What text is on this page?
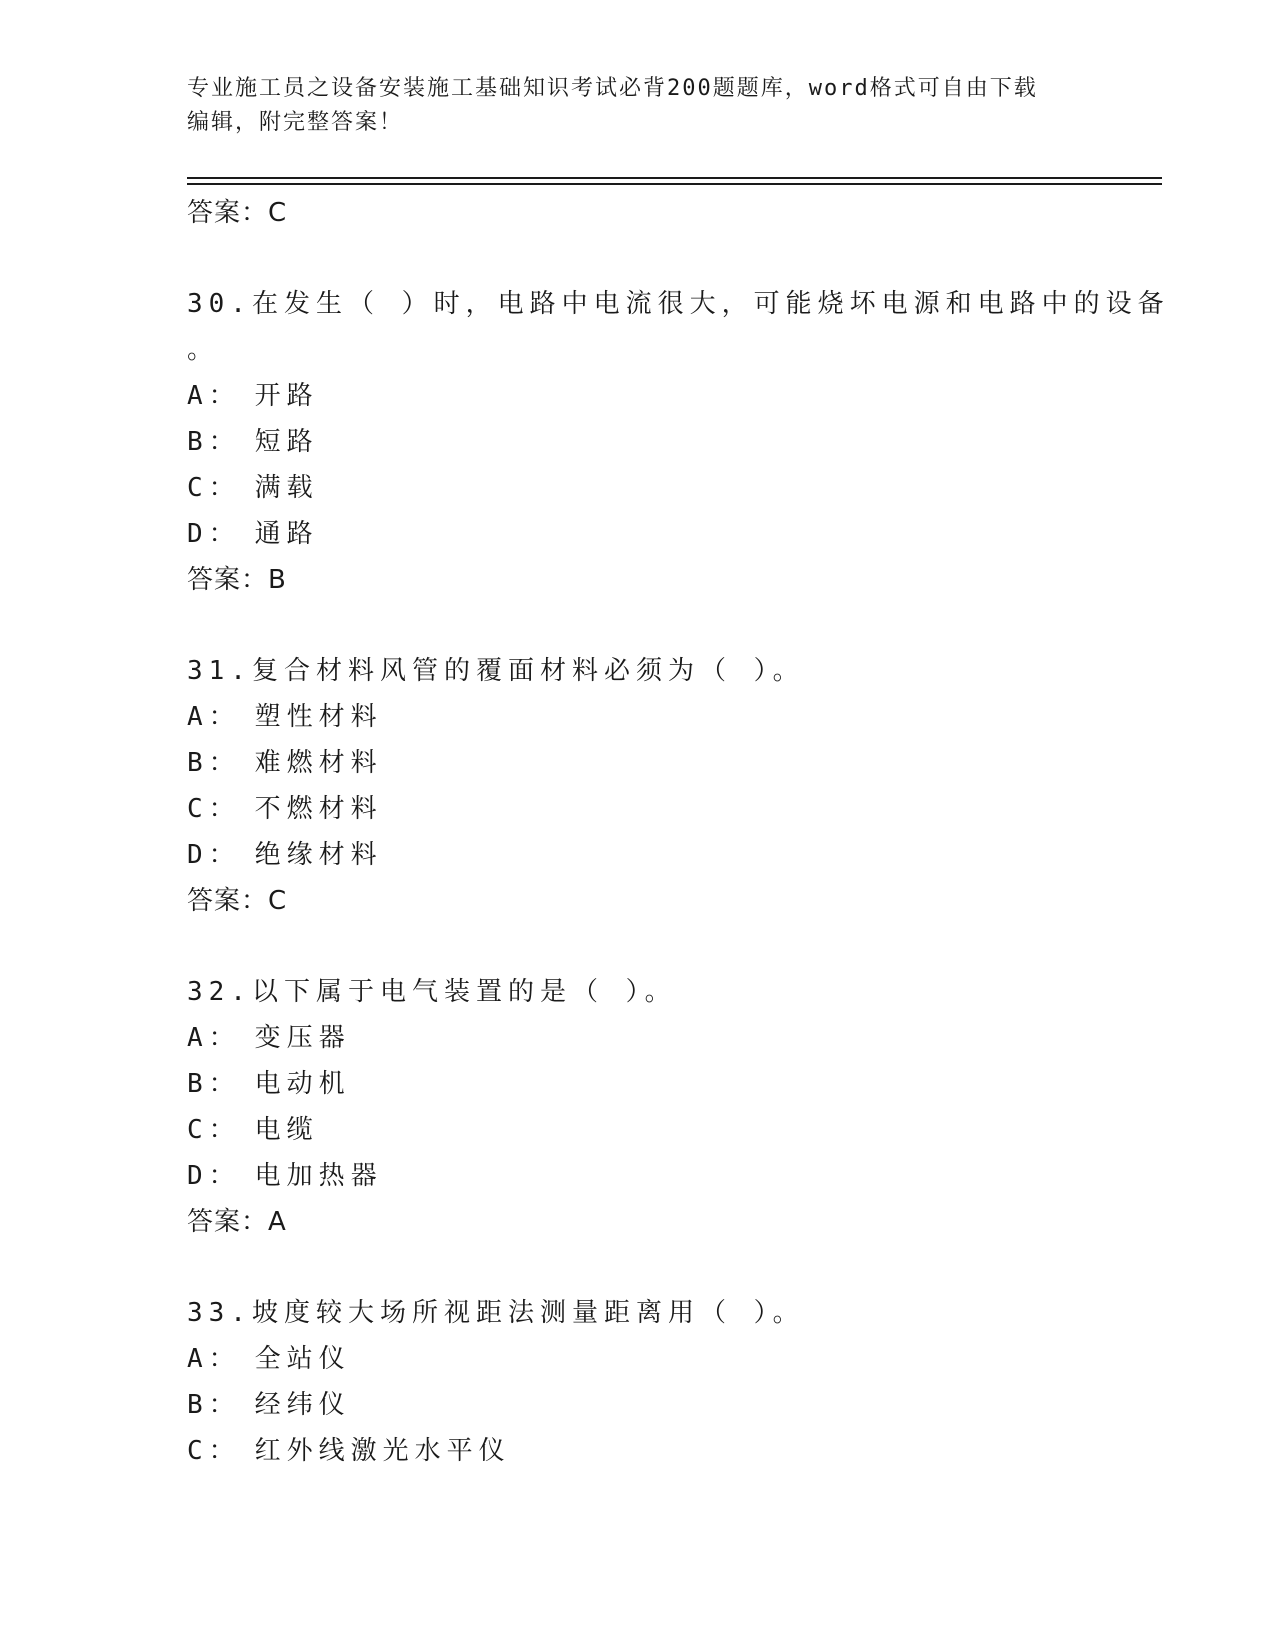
专业施工员之设备安装施工基础知识考试必背200题题库，word格式可自由下载
编辑，附完整答案！
答案：C
30.在发生（ ）时，电路中电流很大，可能烧坏电源和电路中的设备
。
A： 开路
B： 短路
C： 满载
D： 通路
答案：B
31.复合材料风管的覆面材料必须为（ ）。
A： 塑性材料
B： 难燃材料
C： 不燃材料
D： 绝缘材料
答案：C
32.以下属于电气装置的是（ ）。
A： 变压器
B： 电动机
C： 电缆
D： 电加热器
答案：A
33.坡度较大场所视距法测量距离用（ ）。
A： 全站仪
B： 经纬仪
C： 红外线激光水平仪
